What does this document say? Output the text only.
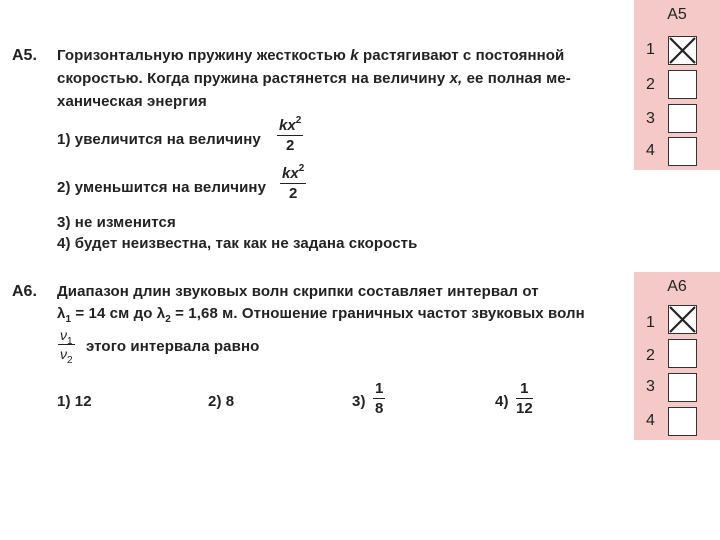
А5. Горизонтальную пружину жесткостью k растягивают с постоянной
скоростью. Когда пружина растянется на величину x, ее полная ме-
ханическая энергия
1) увеличится на величину
$kx^2$
2
2) уменьшится на величину
$kx^2$
2
3) не изменится
4) будет неизвестна, так как не задана скорость
А6. Диапазон длин звуковых волн скрипки составляет интервал от
$\lambda_1 = 14$ см до $\lambda_2 = 1,68$ м. Отношение граничных частот звуковых волн
$\nu_1$
$\nu_2$
этого интервала равно
1) 12	2) 8	3)
1
8	4)
1
12
А5
1
2
3
4
А6
1
2
3
4
